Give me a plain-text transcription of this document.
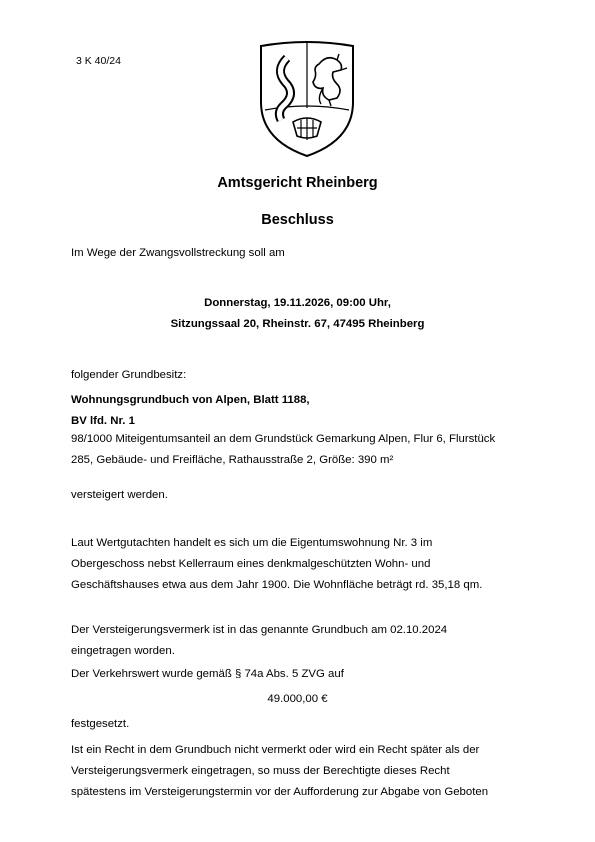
3 K 40/24
Amtsgericht Rheinberg
Beschluss
Im Wege der Zwangsvollstreckung soll am
Donnerstag, 19.11.2026, 09:00 Uhr,
Sitzungssaal 20, Rheinstr. 67, 47495 Rheinberg
folgender Grundbesitz:
Wohnungsgrundbuch von Alpen, Blatt 1188,
BV lfd. Nr. 1
98/1000 Miteigentumsanteil an dem Grundstück Gemarkung Alpen, Flur 6, Flurstück
285, Gebäude- und Freifläche, Rathausstraße 2, Größe: 390 m²
versteigert werden.
Laut Wertgutachten handelt es sich um die Eigentumswohnung Nr. 3 im
Obergeschoss nebst Kellerraum eines denkmalgeschützten Wohn- und
Geschäftshauses etwa aus dem Jahr 1900. Die Wohnfläche beträgt rd. 35,18 qm.
Der Versteigerungsvermerk ist in das genannte Grundbuch am 02.10.2024
eingetragen worden.
Der Verkehrswert wurde gemäß § 74a Abs. 5 ZVG auf
49.000,00 €
festgesetzt.
Ist ein Recht in dem Grundbuch nicht vermerkt oder wird ein Recht später als der
Versteigerungsvermerk eingetragen, so muss der Berechtigte dieses Recht
spätestens im Versteigerungstermin vor der Aufforderung zur Abgabe von Geboten
